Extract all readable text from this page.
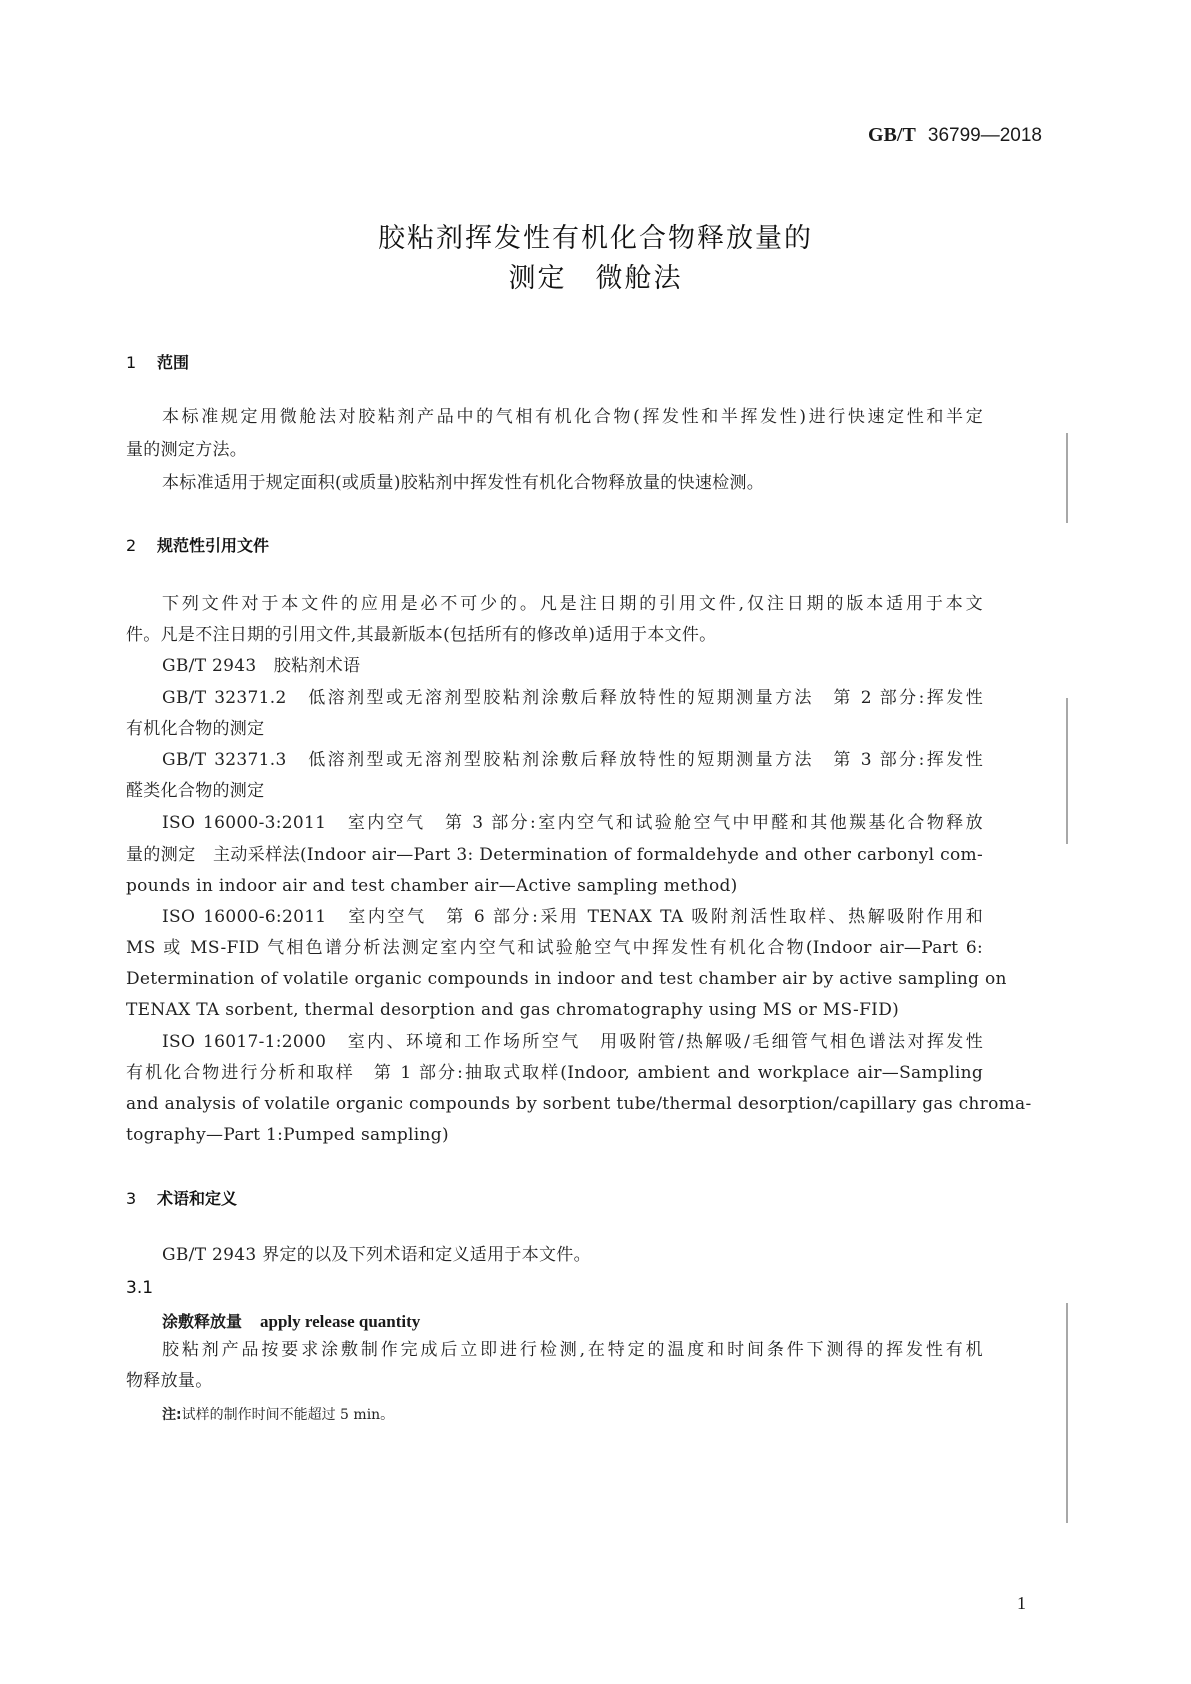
GB/T 36799—2018
胶粘剂挥发性有机化合物释放量的
测定　微舱法
1 范围
本标准规定用微舱法对胶粘剂产品中的气相有机化合物(挥发性和半挥发性)进行快速定性和半定
量的测定方法。
本标准适用于规定面积(或质量)胶粘剂中挥发性有机化合物释放量的快速检测。
2 规范性引用文件
下列文件对于本文件的应用是必不可少的。凡是注日期的引用文件,仅注日期的版本适用于本文
件。凡是不注日期的引用文件,其最新版本(包括所有的修改单)适用于本文件。
GB/T 2943　胶粘剂术语
GB/T 32371.2　低溶剂型或无溶剂型胶粘剂涂敷后释放特性的短期测量方法　第 2 部分:挥发性
有机化合物的测定
GB/T 32371.3　低溶剂型或无溶剂型胶粘剂涂敷后释放特性的短期测量方法　第 3 部分:挥发性
醛类化合物的测定
ISO 16000-3:2011　室内空气　第 3 部分:室内空气和试验舱空气中甲醛和其他羰基化合物释放
量的测定　主动采样法(Indoor air—Part 3: Determination of formaldehyde and other carbonyl com-
pounds in indoor air and test chamber air—Active sampling method)
ISO 16000-6:2011　室内空气　第 6 部分:采用 TENAX TA 吸附剂活性取样、热解吸附作用和
MS 或 MS-FID 气相色谱分析法测定室内空气和试验舱空气中挥发性有机化合物(Indoor air—Part 6:
Determination of volatile organic compounds in indoor and test chamber air by active sampling on
TENAX TA sorbent, thermal desorption and gas chromatography using MS or MS-FID)
ISO 16017-1:2000　室内、环境和工作场所空气　用吸附管/热解吸/毛细管气相色谱法对挥发性
有机化合物进行分析和取样　第 1 部分:抽取式取样(Indoor, ambient and workplace air—Sampling
and analysis of volatile organic compounds by sorbent tube/thermal desorption/capillary gas chroma-
tography—Part 1:Pumped sampling)
3 术语和定义
GB/T 2943 界定的以及下列术语和定义适用于本文件。
3.1
涂敷释放量 apply release quantity
胶粘剂产品按要求涂敷制作完成后立即进行检测,在特定的温度和时间条件下测得的挥发性有机
物释放量。
注:试样的制作时间不能超过 5 min。
1
